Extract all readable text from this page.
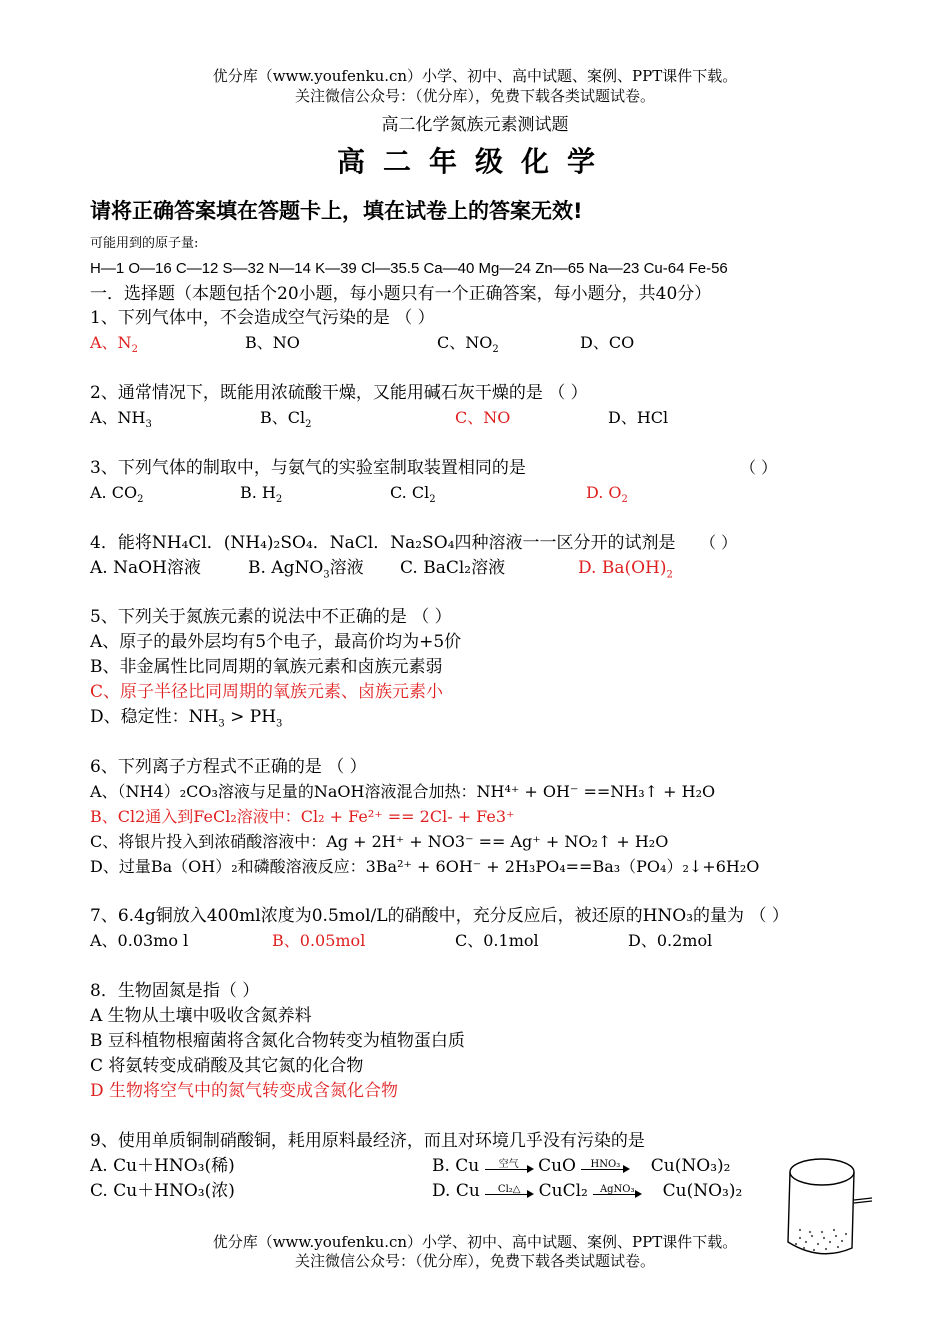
优分库（www.youfenku.cn）小学、初中、高中试题、案例、PPT课件下载。
关注微信公众号：（优分库），免费下载各类试题试卷。
高二化学氮族元素测试题
高二年级化学
请将正确答案填在答题卡上，填在试卷上的答案无效!
可能用到的原子量:
H—1 O—16 C—12 S—32 N—14 K—39 Cl—35.5 Ca—40 Mg—24 Zn—65 Na—23 Cu-64 Fe-56
一．选择题（本题包括个20小题，每小题只有一个正确答案，每小题分，共40分）
1、下列气体中，不会造成空气污染的是 （ ）
A、$N_2$	B、NO	C、$NO_2$	D、CO
2、通常情况下，既能用浓硫酸干燥，又能用碱石灰干燥的是 （ ）
A、$NH_3$	B、$Cl_2$	C、NO	D、HCl
3、下列气体的制取中，与氨气的实验室制取装置相同的是	（ ）
A. $CO_2$	B. $H_2$	C. $Cl_2$	D. $O_2$
4．能将NH₄Cl．(NH₄)₂SO₄．NaCl．Na₂SO₄四种溶液一一区分开的试剂是 （ ）
A. NaOH溶液	B. AgNO$_3$溶液 C. BaCl₂溶液	D. $Ba(OH)_2$
5、下列关于氮族元素的说法中不正确的是 （ ）
A、原子的最外层均有5个电子，最高价均为+5价
B、非金属性比同周期的氧族元素和卤族元素弱
C、原子半径比同周期的氧族元素、卤族元素小
D、稳定性：$NH_3 > PH_3$
6、下列离子方程式不正确的是 （ ）
A、（NH4）₂CO₃溶液与足量的NaOH溶液混合加热：NH⁴⁺ + OH⁻ ==NH₃↑ + H₂O
B、Cl2通入到FeCl₂溶液中：Cl₂ + Fe²⁺ == 2Cl- + Fe3⁺
C、将银片投入到浓硝酸溶液中：Ag + 2H⁺ + NO3⁻ == Ag⁺ + NO₂↑ + H₂O
D、过量Ba（OH）₂和磷酸溶液反应：3Ba²⁺ + 6OH⁻ + 2H₃PO₄==Ba₃（PO₄）₂↓+6H₂O
7、6.4g铜放入400ml浓度为0.5mol/L的硝酸中，充分反应后，被还原的HNO₃的量为 （ ）
A、0.03mo l	B、0.05mol	C、0.1mol	D、0.2mol
8．生物固氮是指（ ）
A 生物从土壤中吸收含氮养料
B 豆科植物根瘤菌将含氮化合物转变为植物蛋白质
C 将氨转变成硝酸及其它氮的化合物
D 生物将空气中的氮气转变成含氮化合物
9、使用单质铜制硝酸铜，耗用原料最经济，而且对环境几乎没有污染的是
A. Cu＋HNO₃(稀)
C. Cu＋HNO₃(浓)
B. Cu	空气	CuO	HNO₃	Cu(NO₃)₂
D. Cu	Cl₂△	CuCl₂	AgNO₃	Cu(NO₃)₂
优分库（www.youfenku.cn）小学、初中、高中试题、案例、PPT课件下载。
关注微信公众号：（优分库），免费下载各类试题试卷。
